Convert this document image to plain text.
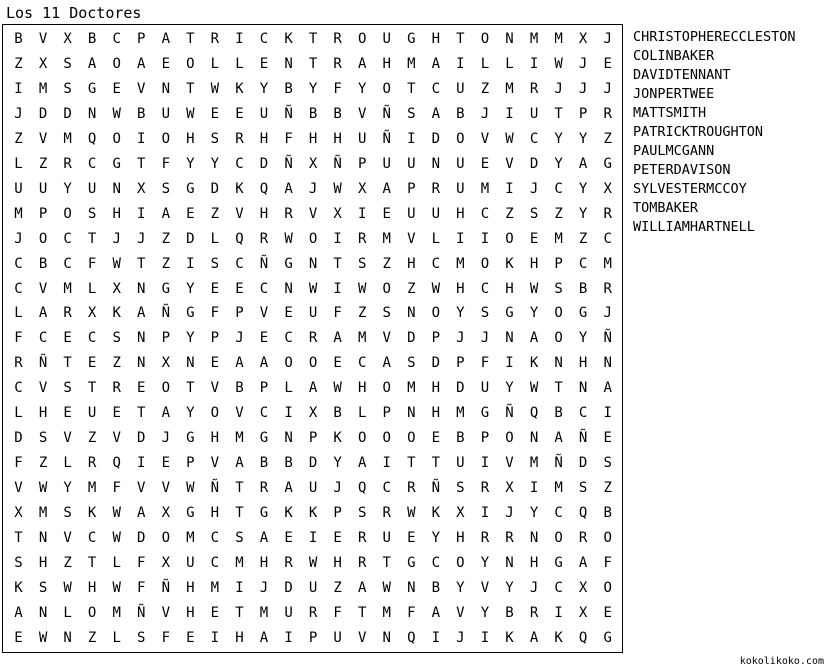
Los 11 Doctores
B	V	X	B	C	P	A	T	R	I	C	K	T	R	O	U	G	H	T	O	N	M	M	X	J
Z	X	S	A	O	A	E	O	L	L	E	N	T	R	A	H	M	A	I	L	L	I	W	J	E
I	M	S	G	E	V	N	T	W	K	Y	B	Y	F	Y	O	T	C	U	Z	M	R	J	J	J
J	D	D	N	W	B	U	W	E	E	U	Ñ	B	B	V	Ñ	S	A	B	J	I	U	T	P	R
Z	V	M	Q	O	I	O	H	S	R	H	F	H	H	U	Ñ	I	D	O	V	W	C	Y	Y	Z
L	Z	R	C	G	T	F	Y	Y	C	D	Ñ	X	Ñ	P	U	U	N	U	E	V	D	Y	A	G
U	U	Y	U	N	X	S	G	D	K	Q	A	J	W	X	A	P	R	U	M	I	J	C	Y	X
M	P	O	S	H	I	A	E	Z	V	H	R	V	X	I	E	U	U	H	C	Z	S	Z	Y	R
J	O	C	T	J	J	Z	D	L	Q	R	W	O	I	R	M	V	L	I	I	O	E	M	Z	C
C	B	C	F	W	T	Z	I	S	C	Ñ	G	N	T	S	Z	H	C	M	O	K	H	P	C	M
C	V	M	L	X	N	G	Y	E	E	C	N	W	I	W	O	Z	W	H	C	H	W	S	B	R
L	A	R	X	K	A	Ñ	G	F	P	V	E	U	F	Z	S	N	O	Y	S	G	Y	O	G	J
F	C	E	C	S	N	P	Y	P	J	E	C	R	A	M	V	D	P	J	J	N	A	O	Y	Ñ
R	Ñ	T	E	Z	N	X	N	E	A	A	O	O	E	C	A	S	D	P	F	I	K	N	H	N
C	V	S	T	R	E	O	T	V	B	P	L	A	W	H	O	M	H	D	U	Y	W	T	N	A
L	H	E	U	E	T	A	Y	O	V	C	I	X	B	L	P	N	H	M	G	Ñ	Q	B	C	I
D	S	V	Z	V	D	J	G	H	M	G	N	P	K	O	O	O	E	B	P	O	N	A	Ñ	E
F	Z	L	R	Q	I	E	P	V	A	B	B	D	Y	A	I	T	T	U	I	V	M	Ñ	D	S
V	W	Y	M	F	V	V	W	Ñ	T	R	A	U	J	Q	C	R	Ñ	S	R	X	I	M	S	Z
X	M	S	K	W	A	X	G	H	T	G	K	K	P	S	R	W	K	X	I	J	Y	C	Q	B
T	N	V	C	W	D	O	M	C	S	A	E	I	E	R	U	E	Y	H	R	R	N	O	R	O
S	H	Z	T	L	F	X	U	C	M	H	R	W	H	R	T	G	C	O	Y	N	H	G	A	F
K	S	W	H	W	F	Ñ	H	M	I	J	D	U	Z	A	W	N	B	Y	V	Y	J	C	X	O
A	N	L	O	M	Ñ	V	H	E	T	M	U	R	F	T	M	F	A	V	Y	B	R	I	X	E
E	W	N	Z	L	S	F	E	I	H	A	I	P	U	V	N	Q	I	J	I	K	A	K	Q	G
CHRISTOPHERECCLESTON
COLINBAKER
DAVIDTENNANT
JONPERTWEE
MATTSMITH
PATRICKTROUGHTON
PAULMCGANN
PETERDAVISON
SYLVESTERMCCOY
TOMBAKER
WILLIAMHARTNELL
kokolikoko.com
